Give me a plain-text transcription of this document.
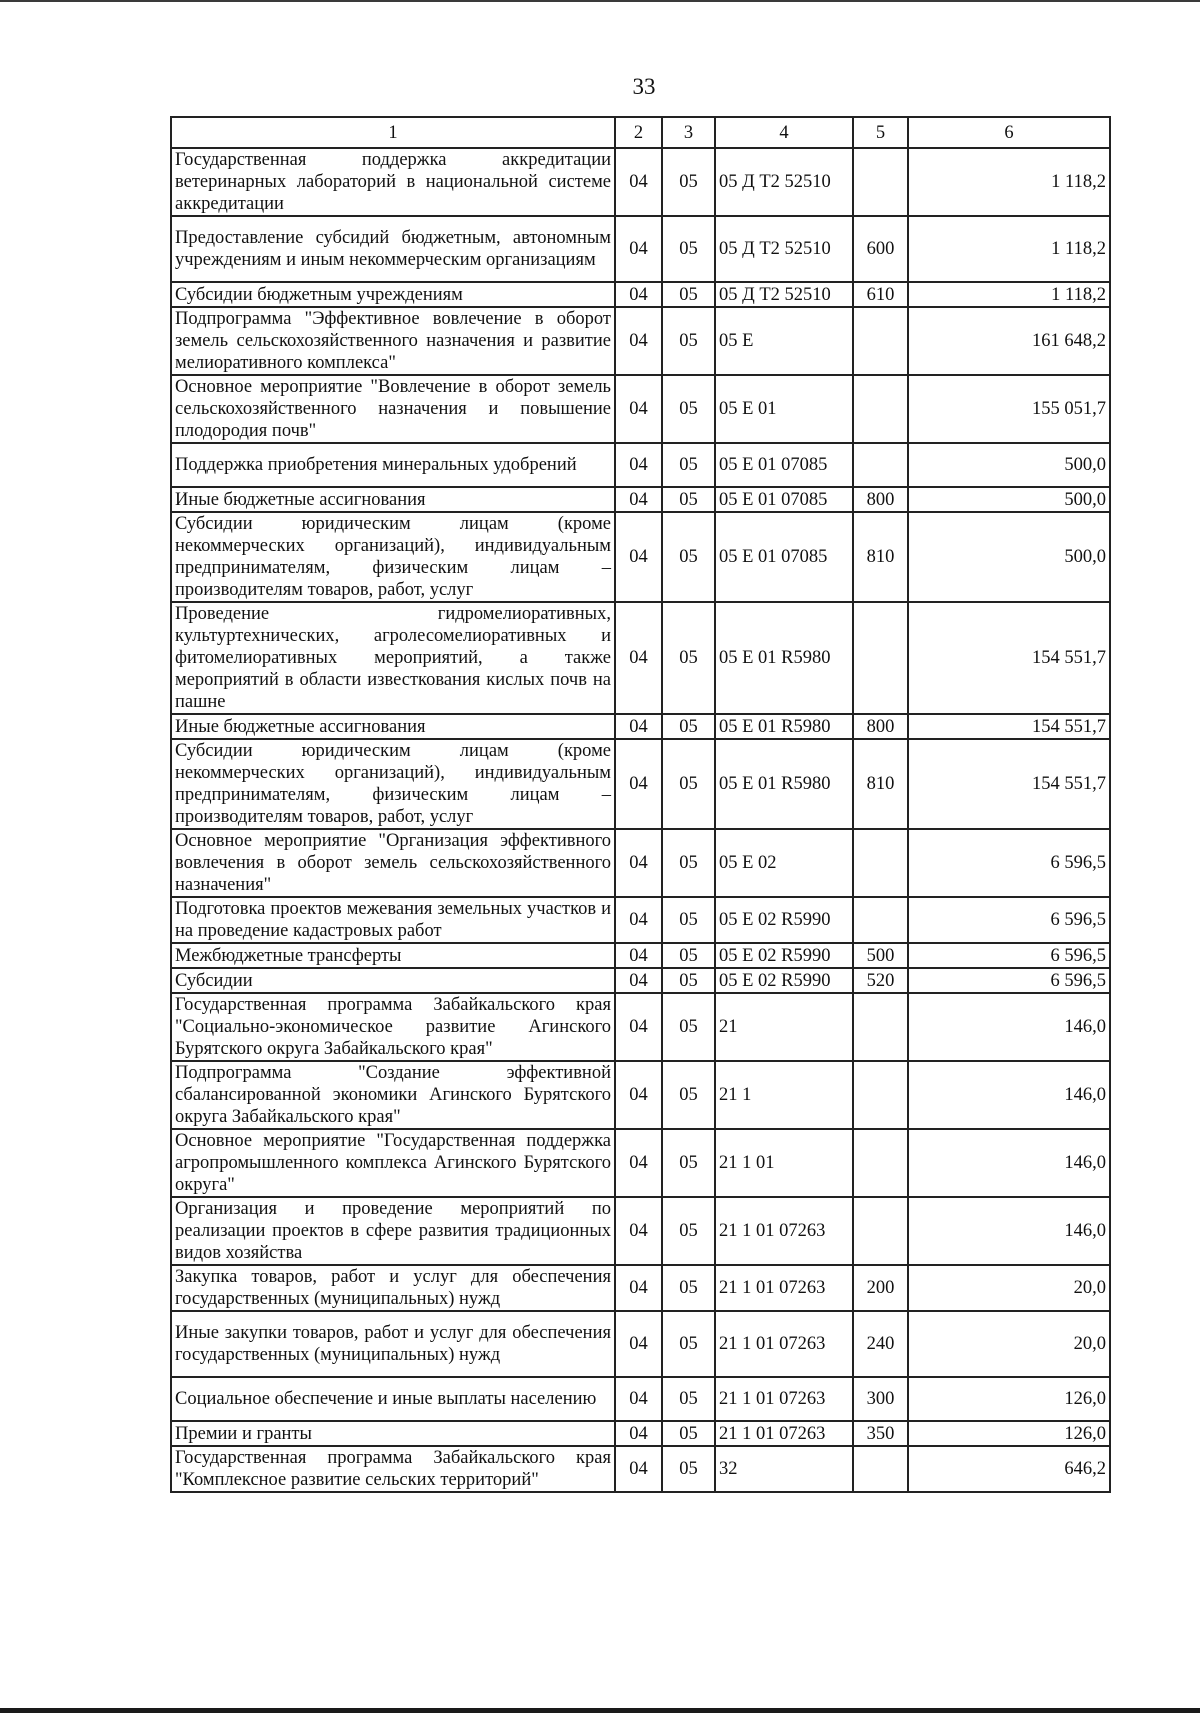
33
1	2	3	4	5	6
Государственная поддержка аккредитации ветеринарных лабораторий в национальной системе аккредитации	04	05	05 Д Т2 52510		1 118,2
Предоставление субсидий бюджетным, автономным учреждениям и иным некоммерческим организациям	04	05	05 Д Т2 52510	600	1 118,2
Субсидии бюджетным учреждениям	04	05	05 Д Т2 52510	610	1 118,2
Подпрограмма "Эффективное вовлечение в оборот земель сельскохозяйственного назначения и развитие мелиоративного комплекса"	04	05	05 Е		161 648,2
Основное мероприятие "Вовлечение в оборот земель сельскохозяйственного назначения и повышение плодородия почв"	04	05	05 Е 01		155 051,7
Поддержка приобретения минеральных удобрений	04	05	05 Е 01 07085		500,0
Иные бюджетные ассигнования	04	05	05 Е 01 07085	800	500,0
Субсидии юридическим лицам (кроме некоммерческих организаций), индивидуальным предпринимателям, физическим лицам – производителям товаров, работ, услуг	04	05	05 Е 01 07085	810	500,0
Проведение гидромелиоративных, культуртехнических, агролесомелиоративных и фитомелиоративных мероприятий, а также мероприятий в области известкования кислых почв на пашне	04	05	05 Е 01 R5980		154 551,7
Иные бюджетные ассигнования	04	05	05 Е 01 R5980	800	154 551,7
Субсидии юридическим лицам (кроме некоммерческих организаций), индивидуальным предпринимателям, физическим лицам – производителям товаров, работ, услуг	04	05	05 Е 01 R5980	810	154 551,7
Основное мероприятие "Организация эффективного вовлечения в оборот земель сельскохозяйственного назначения"	04	05	05 Е 02		6 596,5
Подготовка проектов межевания земельных участков и на проведение кадастровых работ	04	05	05 Е 02 R5990		6 596,5
Межбюджетные трансферты	04	05	05 Е 02 R5990	500	6 596,5
Субсидии	04	05	05 Е 02 R5990	520	6 596,5
Государственная программа Забайкальского края "Социально-экономическое развитие Агинского Бурятского округа Забайкальского края"	04	05	21		146,0
Подпрограмма "Создание эффективной сбалансированной экономики Агинского Бурятского округа Забайкальского края"	04	05	21 1		146,0
Основное мероприятие "Государственная поддержка агропромышленного комплекса Агинского Бурятского округа"	04	05	21 1 01		146,0
Организация и проведение мероприятий по реализации проектов в сфере развития традиционных видов хозяйства	04	05	21 1 01 07263		146,0
Закупка товаров, работ и услуг для обеспечения государственных (муниципальных) нужд	04	05	21 1 01 07263	200	20,0
Иные закупки товаров, работ и услуг для обеспечения государственных (муниципальных) нужд	04	05	21 1 01 07263	240	20,0
Социальное обеспечение и иные выплаты населению	04	05	21 1 01 07263	300	126,0
Премии и гранты	04	05	21 1 01 07263	350	126,0
Государственная программа Забайкальского края "Комплексное развитие сельских территорий"	04	05	32		646,2
